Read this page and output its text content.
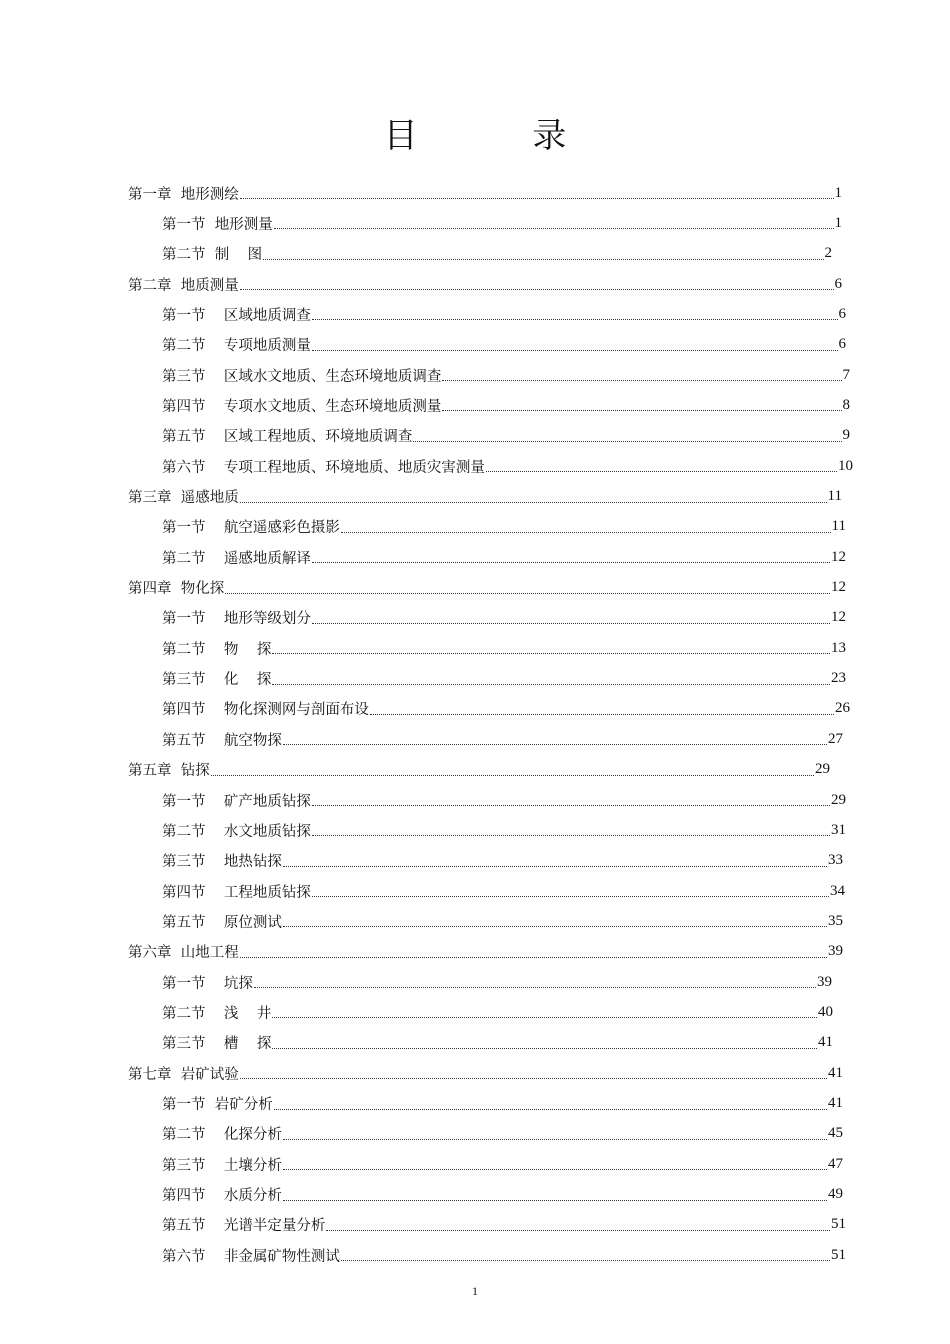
目 录
第一章  地形测绘	1
第一节  地形测量	1
第二节  制    图	2
第二章  地质测量	6
第一节    区域地质调查	6
第二节    专项地质测量	6
第三节    区域水文地质、生态环境地质调查	7
第四节    专项水文地质、生态环境地质测量	8
第五节    区域工程地质、环境地质调查	9
第六节    专项工程地质、环境地质、地质灾害测量	10
第三章  遥感地质	11
第一节    航空遥感彩色摄影	11
第二节    遥感地质解译	12
第四章  物化探	12
第一节    地形等级划分	12
第二节    物    探	13
第三节    化    探	23
第四节    物化探测网与剖面布设	26
第五节    航空物探	27
第五章  钻探	29
第一节    矿产地质钻探	29
第二节    水文地质钻探	31
第三节    地热钻探	33
第四节    工程地质钻探	34
第五节    原位测试	35
第六章  山地工程	39
第一节    坑探	39
第二节    浅    井	40
第三节    槽    探	41
第七章  岩矿试验	41
第一节  岩矿分析	41
第二节    化探分析	45
第三节    土壤分析	47
第四节    水质分析	49
第五节    光谱半定量分析	51
第六节    非金属矿物性测试	51
1
